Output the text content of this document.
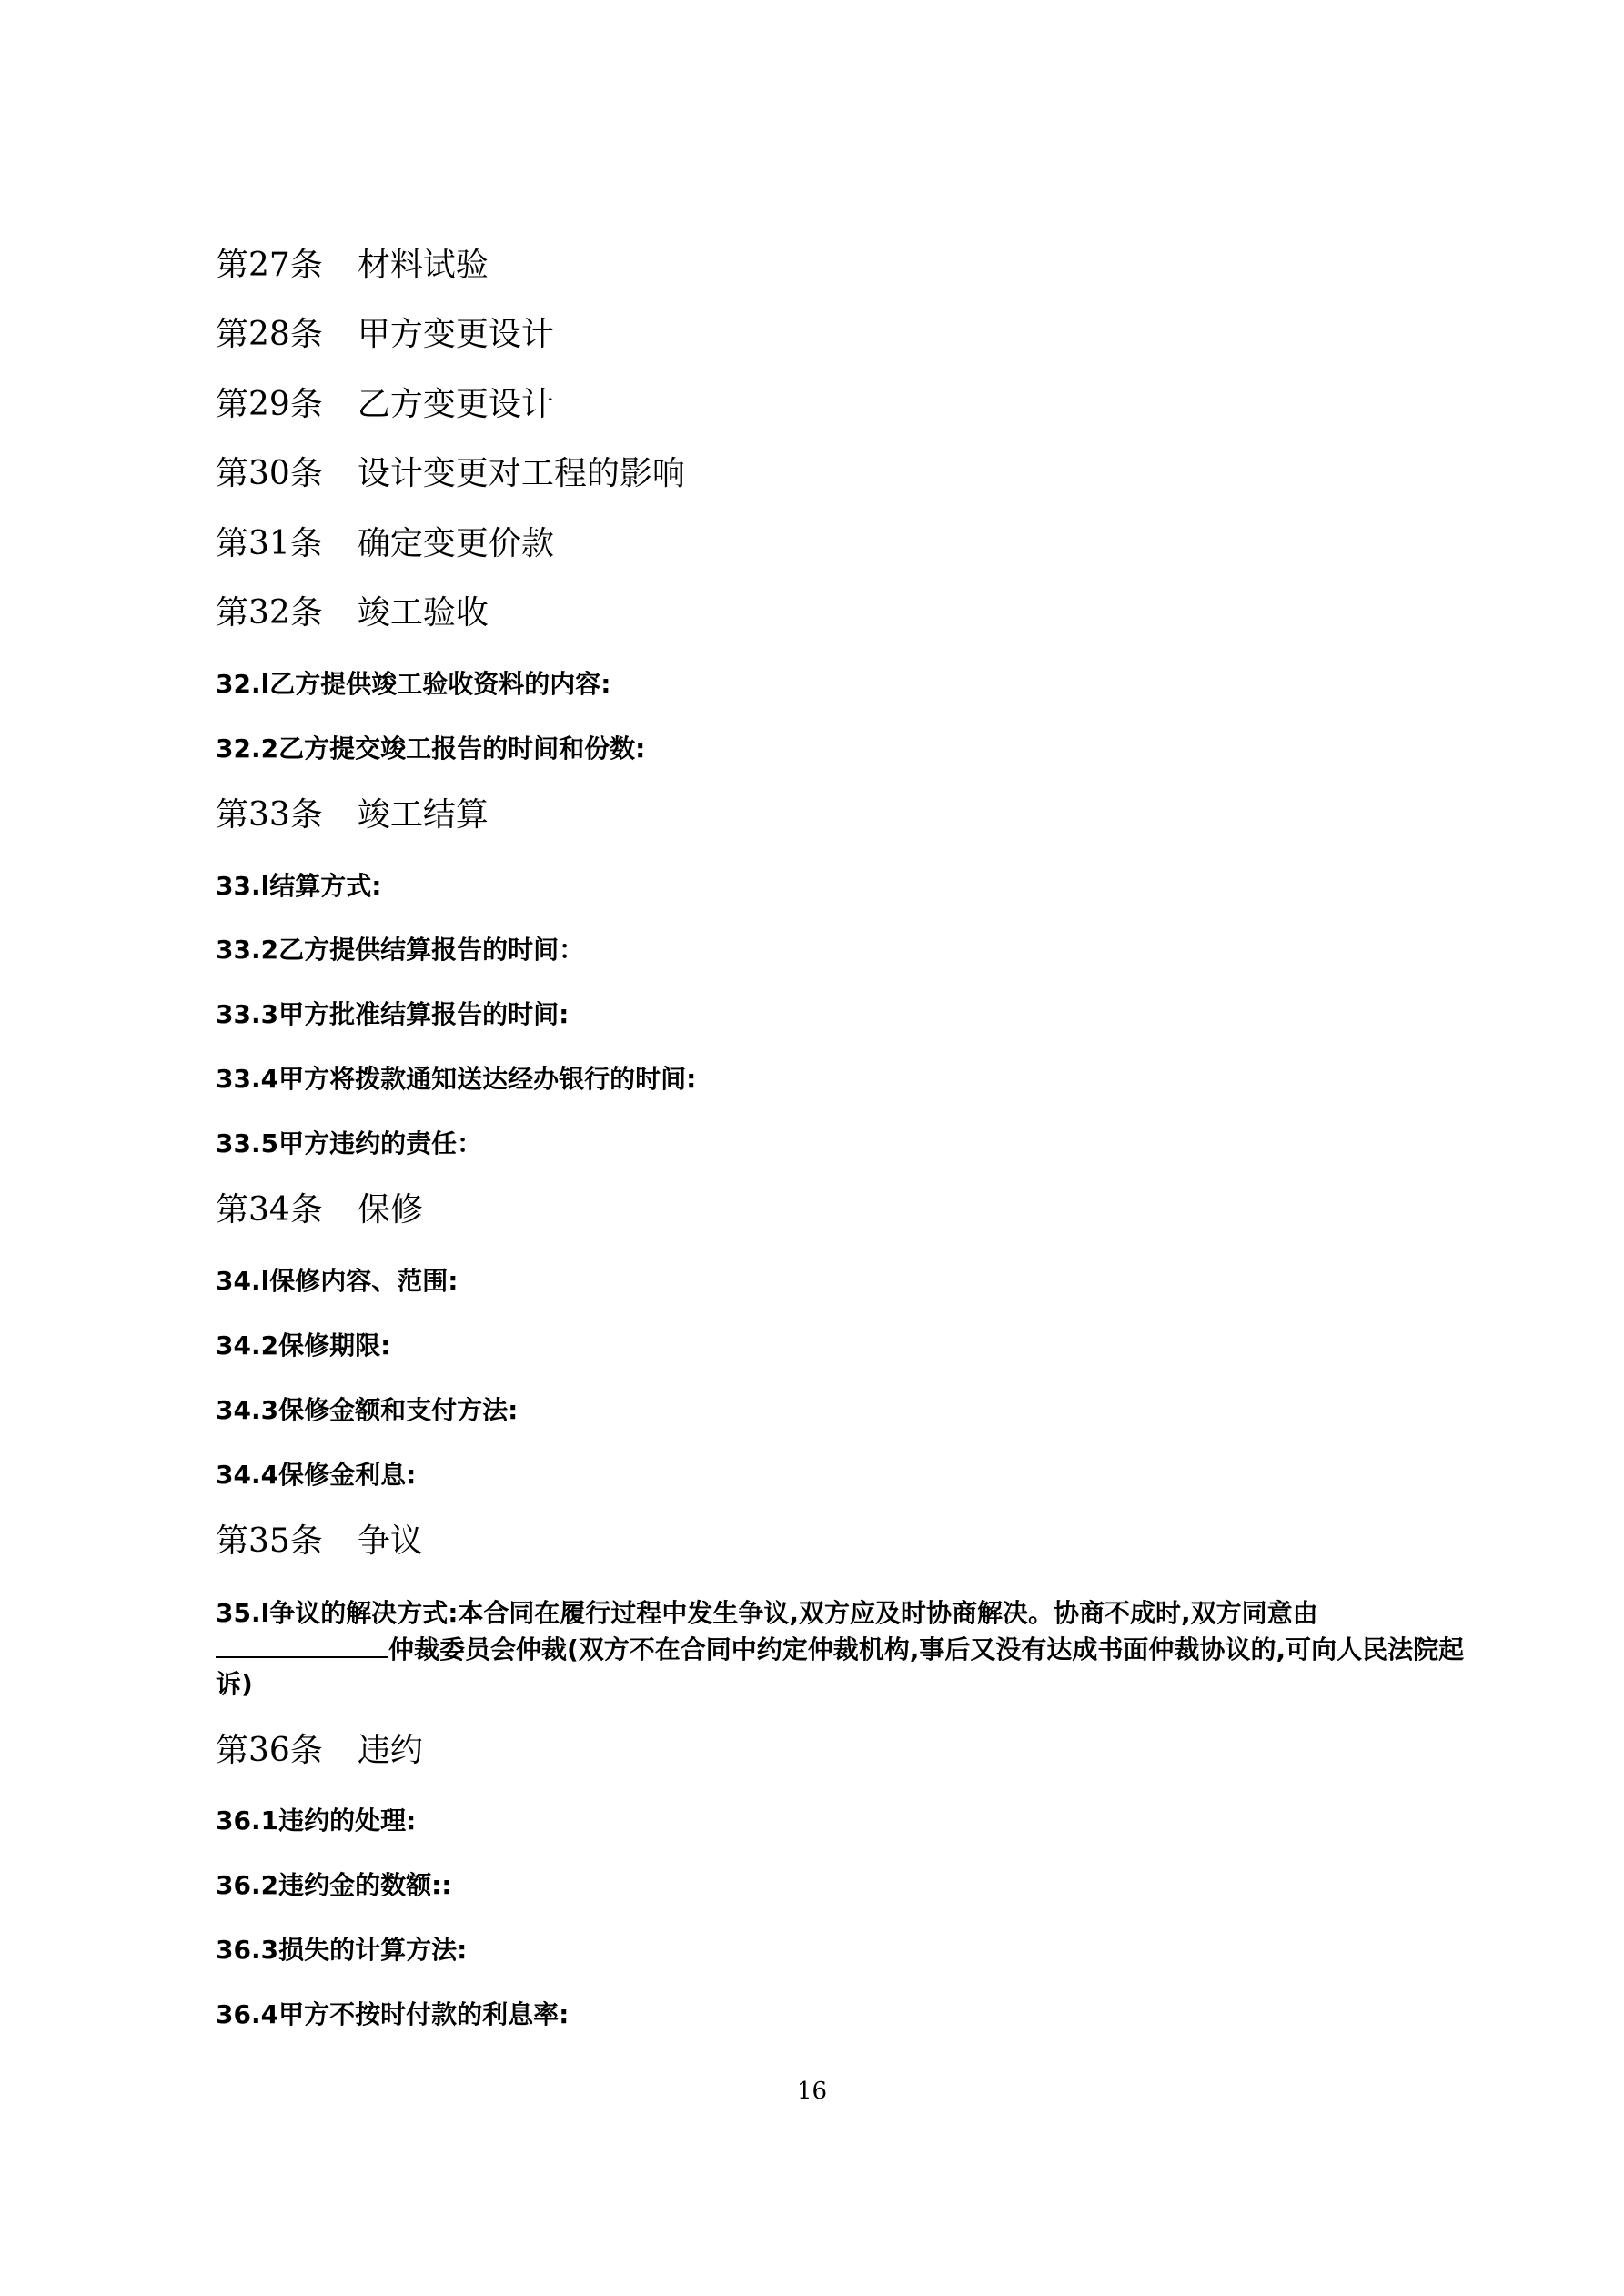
第27条 材料试验
第28条 甲方变更设计
第29条 乙方变更设计
第30条 设计变更对工程的影响
第31条 确定变更价款
第32条 竣工验收
32.l乙方提供竣工验收资料的内容:
32.2乙方提交竣工报告的时间和份数:
第33条 竣工结算
33.l结算方式:
33.2乙方提供结算报告的时间：
33.3甲方批准结算报告的时间:
33.4甲方将拨款通知送达经办银行的时间:
33.5甲方违约的责任：
第34条 保修
34.l保修内容、范围:
34.2保修期限:
34.3保修金额和支付方法:
34.4保修金利息:
第35条 争议
35.l争议的解决方式:本合同在履行过程中发生争议,双方应及时协商解决。协商不成时,双方同意由
仲裁委员会仲裁(双方不在合同中约定仲裁机构,事后又没有达成书面仲裁协议的,可向人民法院起诉)
第36条 违约
36.1违约的处理:
36.2违约金的数额::
36.3损失的计算方法:
36.4甲方不按时付款的利息率:
16
